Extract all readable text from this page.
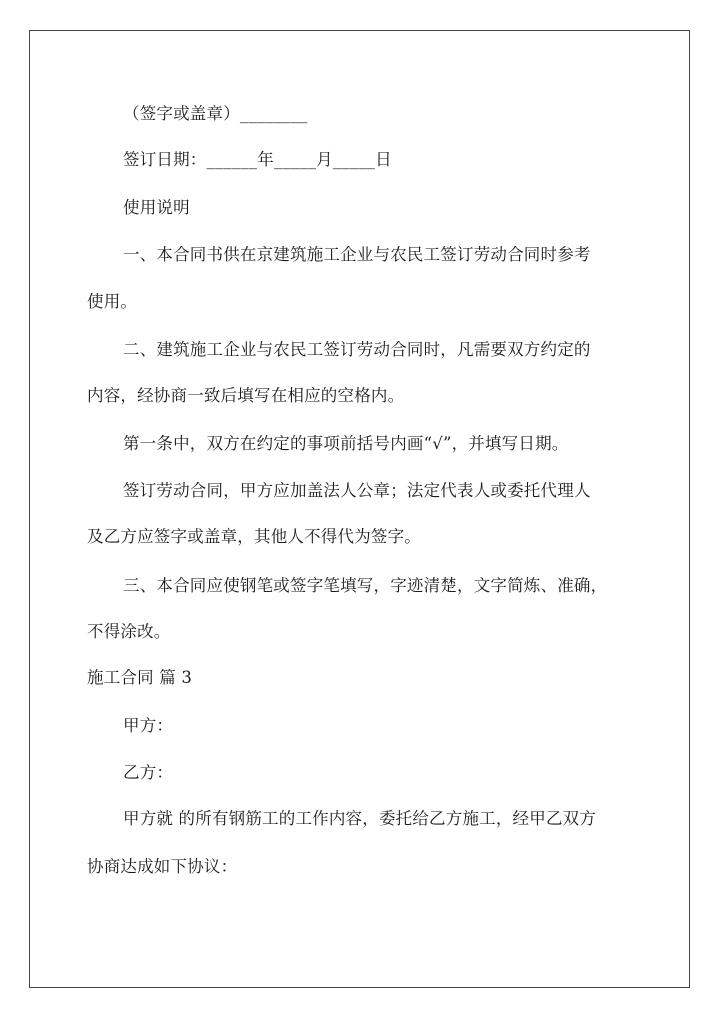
（签字或盖章）________
签订日期：______年_____月_____日
使用说明
一、本合同书供在京建筑施工企业与农民工签订劳动合同时参考
使用。
二、建筑施工企业与农民工签订劳动合同时，凡需要双方约定的
内容，经协商一致后填写在相应的空格内。
第一条中，双方在约定的事项前括号内画“√”，并填写日期。
签订劳动合同，甲方应加盖法人公章；法定代表人或委托代理人
及乙方应签字或盖章，其他人不得代为签字。
三、本合同应使钢笔或签字笔填写，字迹清楚，文字简炼、准确，
不得涂改。
施工合同 篇 3
甲方：
乙方：
甲方就 的所有钢筋工的工作内容，委托给乙方施工，经甲乙双方
协商达成如下协议：
